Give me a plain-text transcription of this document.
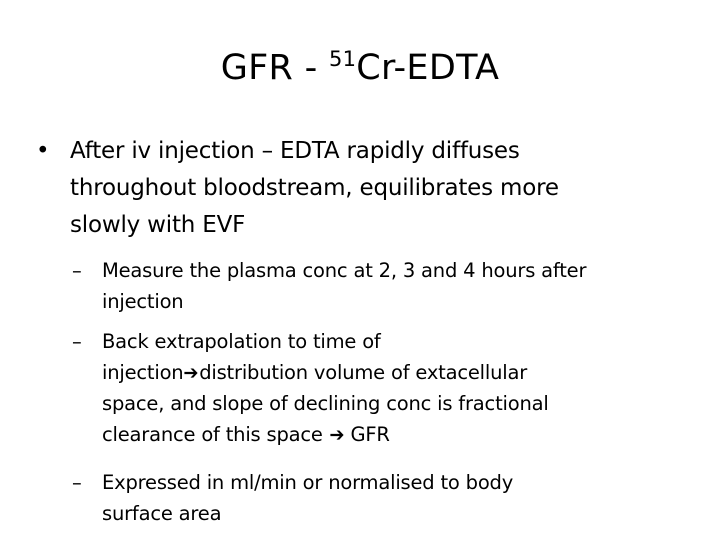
GFR - $^{51}$Cr-EDTA
• After iv injection – EDTA rapidly diffuses
throughout bloodstream, equilibrates more
slowly with EVF
–	Measure the plasma conc at 2, 3 and 4 hours after
injection
–	Back extrapolation to time of
injection➔distribution volume of extacellular
space, and slope of declining conc is fractional
clearance of this space ➔ GFR
–	Expressed in ml/min or normalised to body
surface area
